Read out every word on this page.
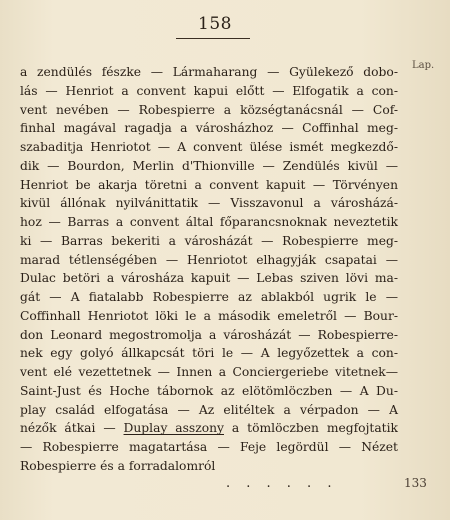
158
Lap.
a zendülés fészke — Lármaharang — Gyülekező dobo-
lás — Henriot a convent kapui előtt — Elfogatik a con-
vent nevében — Robespierre a községtanácsnál — Cof-
finhal magával ragadja a városházhoz — Coffinhal meg-
szabaditja Henriotot — A convent ülése ismét megkezdő-
dik — Bourdon, Merlin d'Thionville — Zendülés kivül —
Henriot be akarja töretni a convent kapuit — Törvényen
kivül állónak nyilvánittatik — Visszavonul a városházá-
hoz — Barras a convent által főparancsnoknak neveztetik
ki — Barras bekeriti a városházát — Robespierre meg-
marad tétlenségében — Henriotot elhagyják csapatai —
Dulac betöri a városháza kapuit — Lebas sziven lövi ma-
gát — A fiatalabb Robespierre az ablakból ugrik le —
Coffinhall Henriotot löki le a második emeletről — Bour-
don Leonard megostromolja a városházát — Robespierre-
nek egy golyó állkapcsát töri le — A legyőzettek a con-
vent elé vezettetnek — Innen a Conciergeriebe vitetnek—
Saint-Just és Hoche tábornok az elötömlöczben — A Du-
play család elfogatása — Az elitéltek a vérpadon — A
nézők átkai — Duplay asszony a tömlöczben megfojtatik
— Robespierre magatartása — Feje legördül — Nézet
Robespierre és a forradalomról
. . . . . .	133
